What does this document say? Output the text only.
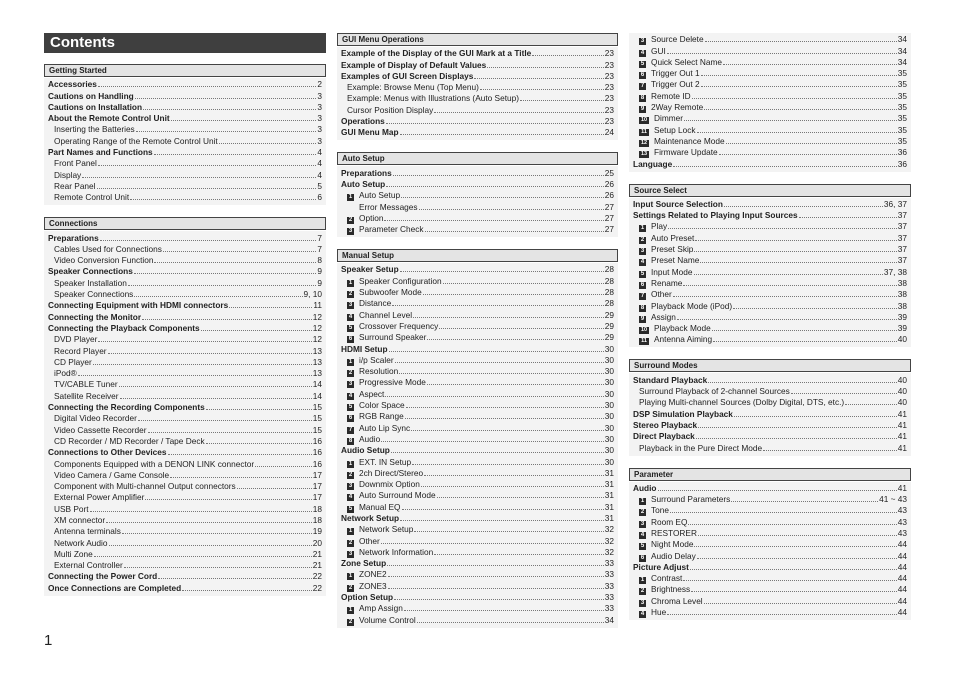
Contents
Getting Started
Accessories	2
Cautions on Handling	3
Cautions on Installation	3
About the Remote Control Unit	3
Inserting the Batteries	3
Operating Range of the Remote Control Unit	3
Part Names and Functions	4
Front Panel	4
Display	4
Rear Panel	5
Remote Control Unit	6
Connections
Preparations	7
Cables Used for Connections	7
Video Conversion Function	8
Speaker Connections	9
Speaker Installation	9
Speaker Connections	9, 10
Connecting Equipment with HDMI connectors	11
Connecting the Monitor	12
Connecting the Playback Components	12
DVD Player	12
Record Player	13
CD Player	13
iPod®	13
TV/CABLE Tuner	14
Satellite Receiver	14
Connecting the Recording Components	15
Digital Video Recorder	15
Video Cassette Recorder	15
CD Recorder / MD Recorder / Tape Deck	16
Connections to Other Devices	16
Components Equipped with a DENON LINK connector	16
Video Camera / Game Console	17
Component with Multi-channel Output connectors	17
External Power Amplifier	17
USB Port	18
XM connector	18
Antenna terminals	19
Network Audio	20
Multi Zone	21
External Controller	21
Connecting the Power Cord	22
Once Connections are Completed	22
GUI Menu Operations
Example of the Display of the GUI Mark at a Title	23
Example of Display of Default Values	23
Examples of GUI Screen Displays	23
Example: Browse Menu (Top Menu)	23
Example: Menus with Illustrations (Auto Setup)	23
Cursor Position Display	23
Operations	23
GUI Menu Map	24
Auto Setup
Preparations	25
Auto Setup	26
1 Auto Setup	26
Error Messages	27
2 Option	27
3 Parameter Check	27
Manual Setup
Speaker Setup	28
1 Speaker Configuration	28
2 Subwoofer Mode	28
3 Distance	28
4 Channel Level	29
5 Crossover Frequency	29
6 Surround Speaker	29
HDMI Setup	30
1 i/p Scaler	30
2 Resolution	30
3 Progressive Mode	30
4 Aspect	30
5 Color Space	30
6 RGB Range	30
7 Auto Lip Sync	30
8 Audio	30
Audio Setup	30
1 EXT. IN Setup	30
2 2ch Direct/Stereo	31
3 Downmix Option	31
4 Auto Surround Mode	31
5 Manual EQ	31
Network Setup	31
1 Network Setup	32
2 Other	32
3 Network Information	32
Zone Setup	33
1 ZONE2	33
2 ZONE3	33
Option Setup	33
1 Amp Assign	33
2 Volume Control	34
3 Source Delete	34
4 GUI	34
5 Quick Select Name	34
6 Trigger Out 1	35
7 Trigger Out 2	35
8 Remote ID	35
9 2Way Remote	35
10 Dimmer	35
11 Setup Lock	35
12 Maintenance Mode	35
13 Firmware Update	36
Language	36
Source Select
Input Source Selection	36, 37
Settings Related to Playing Input Sources	37
1 Play	37
2 Auto Preset	37
3 Preset Skip	37
4 Preset Name	37
5 Input Mode	37, 38
6 Rename	38
7 Other	38
8 Playback Mode (iPod)	38
9 Assign	39
10 Playback Mode	39
11 Antenna Aiming	40
Surround Modes
Standard Playback	40
Surround Playback of 2-channel Sources	40
Playing Multi-channel Sources (Dolby Digital, DTS, etc.)	40
DSP Simulation Playback	41
Stereo Playback	41
Direct Playback	41
Playback in the Pure Direct Mode	41
Parameter
Audio	41
1 Surround Parameters	41 ~ 43
2 Tone	43
3 Room EQ	43
4 RESTORER	43
5 Night Mode	44
6 Audio Delay	44
Picture Adjust	44
1 Contrast	44
2 Brightness	44
3 Chroma Level	44
4 Hue	44
1
